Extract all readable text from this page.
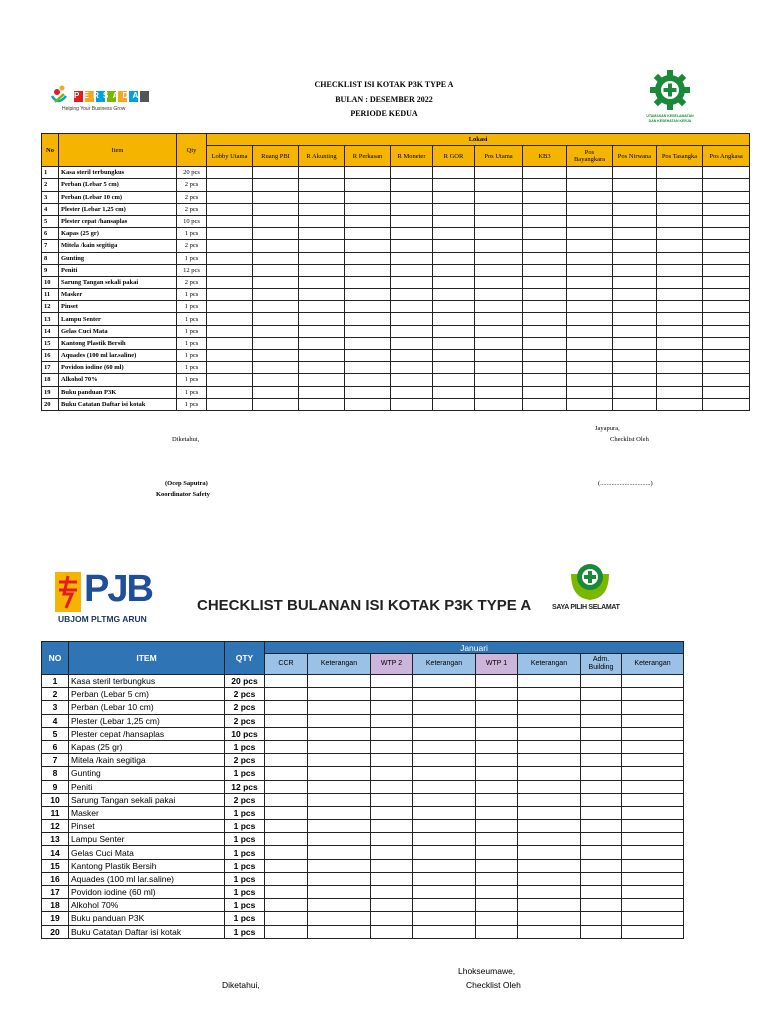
PERSADA
Helping Your Business Grow
CHECKLIST ISI KOTAK P3K TYPE A
BULAN : DESEMBER 2022
PERIODE KEDUA	UTAMAKAN KESELAMATAN
DAN KESEHATAN KERJA
No	Item	Qty	Lokasi											
			Lobby Utama	Ruang PBI	R Akunting	R Perkasan	R Moneter	R GOR	Pos Utama	KB3	Pos Bayangkara	Pos Nirwana	Pos Tasangka	Pos Angkasa
1	Kasa steril terbungkus	20 pcs												
2	Perban (Lebar 5 cm)	2 pcs												
3	Perban (Lebar 10 cm)	2 pcs												
4	Plester (Lebar 1,25 cm)	2 pcs												
5	Plester cepat /hansaplas	10 pcs												
6	Kapas (25 gr)	1 pcs												
7	Mitela /kain segitiga	2 pcs												
8	Gunting	1 pcs												
9	Peniti	12 pcs												
10	Sarung Tangan sekali pakai	2 pcs												
11	Masker	1 pcs												
12	Pinset	1 pcs												
13	Lampu Senter	1 pcs												
14	Gelas Cuci Mata	1 pcs												
15	Kantong Plastik Bersih	1 pcs												
16	Aquades (100 ml lar.saline)	1 pcs												
17	Povidon iodine (60 ml)	1 pcs												
18	Alkohol 70%	1 pcs												
19	Buku panduan P3K	1 pcs												
20	Buku Catatan Daftar isi kotak	1 pcs												
Jayapura,
Diketahui,	Checklist Oleh
(Ocep Saputra)
Koordinator Safety
(...............................)
PJB
UBJOM PLTMG ARUN
CHECKLIST BULANAN ISI KOTAK P3K TYPE A	SAYA PILIH SELAMAT
NO	ITEM	QTY	Januari							
			CCR	Keterangan	WTP 2	Keterangan	WTP 1	Keterangan	Adm. Building	Keterangan
1	Kasa steril terbungkus	20 pcs								
2	Perban (Lebar 5 cm)	2 pcs								
3	Perban (Lebar 10 cm)	2 pcs								
4	Plester (Lebar 1,25 cm)	2 pcs								
5	Plester cepat /hansaplas	10 pcs								
6	Kapas (25 gr)	1 pcs								
7	Mitela /kain segitiga	2 pcs								
8	Gunting	1 pcs								
9	Peniti	12 pcs								
10	Sarung Tangan sekali pakai	2 pcs								
11	Masker	1 pcs								
12	Pinset	1 pcs								
13	Lampu Senter	1 pcs								
14	Gelas Cuci Mata	1 pcs								
15	Kantong Plastik Bersih	1 pcs								
16	Aquades (100 ml lar.saline)	1 pcs								
17	Povidon iodine (60 ml)	1 pcs								
18	Alkohol 70%	1 pcs								
19	Buku panduan P3K	1 pcs								
20	Buku Catatan Daftar isi kotak	1 pcs								
Lhokseumawe,
Diketahui,	Checklist Oleh
